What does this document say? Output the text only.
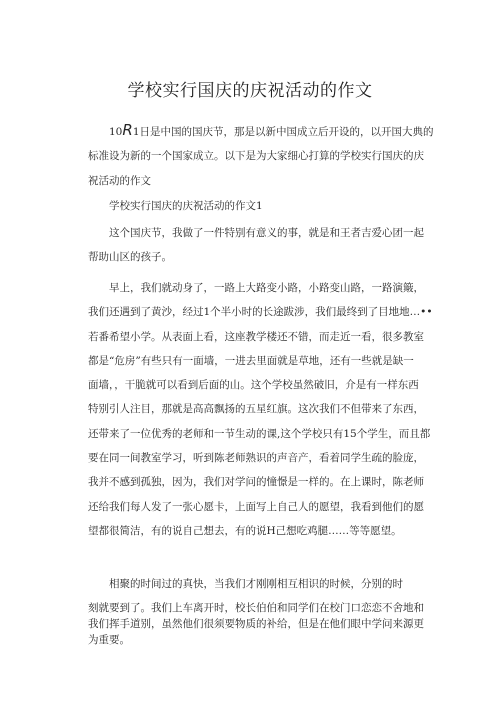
学校实行国庆的庆祝活动的作文
10R1日是中国的国庆节，那是以新中国成立后开设的，以开国大典的
标准设为新的一个国家成立。以下是为大家细心打算的学校实行国庆的庆
祝活动的作文
学校实行国庆的庆祝活动的作文1
这个国庆节，我做了一件特别有意义的事，就是和王者吉爱心团一起
帮助山区的孩子。
早上，我们就动身了，一路上大路变小路，小路变山路，一路演簸，
我们还遇到了黄沙，经过1个半小时的长途跋涉，我们最终到了目地地…••
若番希望小学。从表面上看，这座教学楼还不错，而走近一看，很多教室
都是“危房”有些只有一面墙，一进去里面就是草地，还有一些就是缺一
面墙，，干脆就可以看到后面的山。这个学校虽然破旧，介是有一样东西
特别引人注目，那就是高高飘扬的五星红旗。这次我们不但带来了东西，
还带来了一位优秀的老师和一节生动的课,这个学校只有15个学生，而且都
要在同一间教室学习，听到陈老师熟识的声音产，看着同学生疏的脸庞，
我并不感到孤独，因为，我们对学问的憧憬是一样的。在上课时，陈老师
还给我们每人发了一张心愿卡，上面写上自己人的愿望，我看到他们的愿
望都很简洁，有的说自己想去，有的说H己想吃鸡腿……等等愿望。
相聚的时间过的真快，当我们才刚刚相互相识的时候，分别的时
刻就要到了。我们上车离开时，校长伯伯和同学们在校门口恋恋不舍地和
我们挥手道别，虽然他们很须要物质的补给，但是在他们眼中学问来源更
为重要。
